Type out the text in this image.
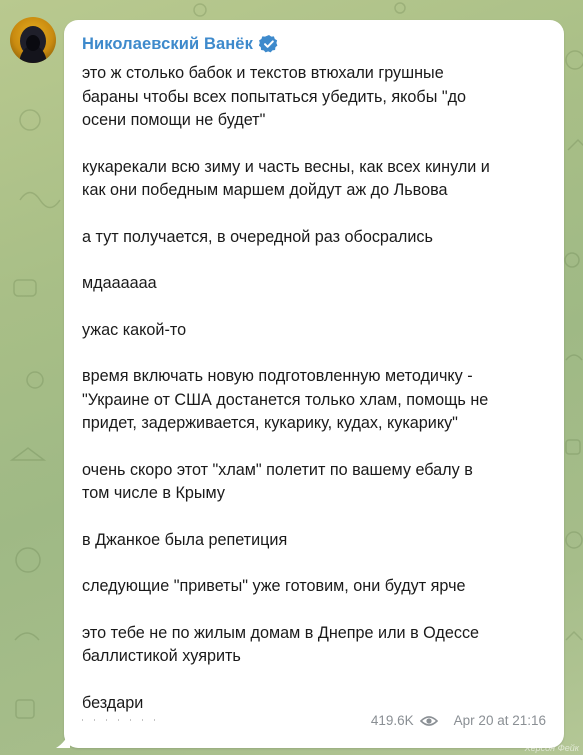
Николаевский Ванёк

это ж столько бабок и текстов втюхали грушные
бараны чтобы всех попытаться убедить, якобы "до
осени помощи не будет"

кукарекали всю зиму и часть весны, как всех кинули и
как они победным маршем дойдут аж до Львова

а тут получается, в очередной раз обосрались

мдаааааа

ужас какой-то

время включать новую подготовленную методичку -
"Украине от США достанется только хлам, помощь не
придет, задерживается, кукарику, кудах, кукарику"

очень скоро этот "хлам" полетит по вашему ебалу в
том числе в Крыму

в Джанкое была репетиция

следующие "приветы" уже готовим, они будут ярче

это тебе не по жилым домам в Днепре или в Одессе
баллистикой хуярить

бездари

419.6K	Apr 20 at 21:16
Херсон Фейк
